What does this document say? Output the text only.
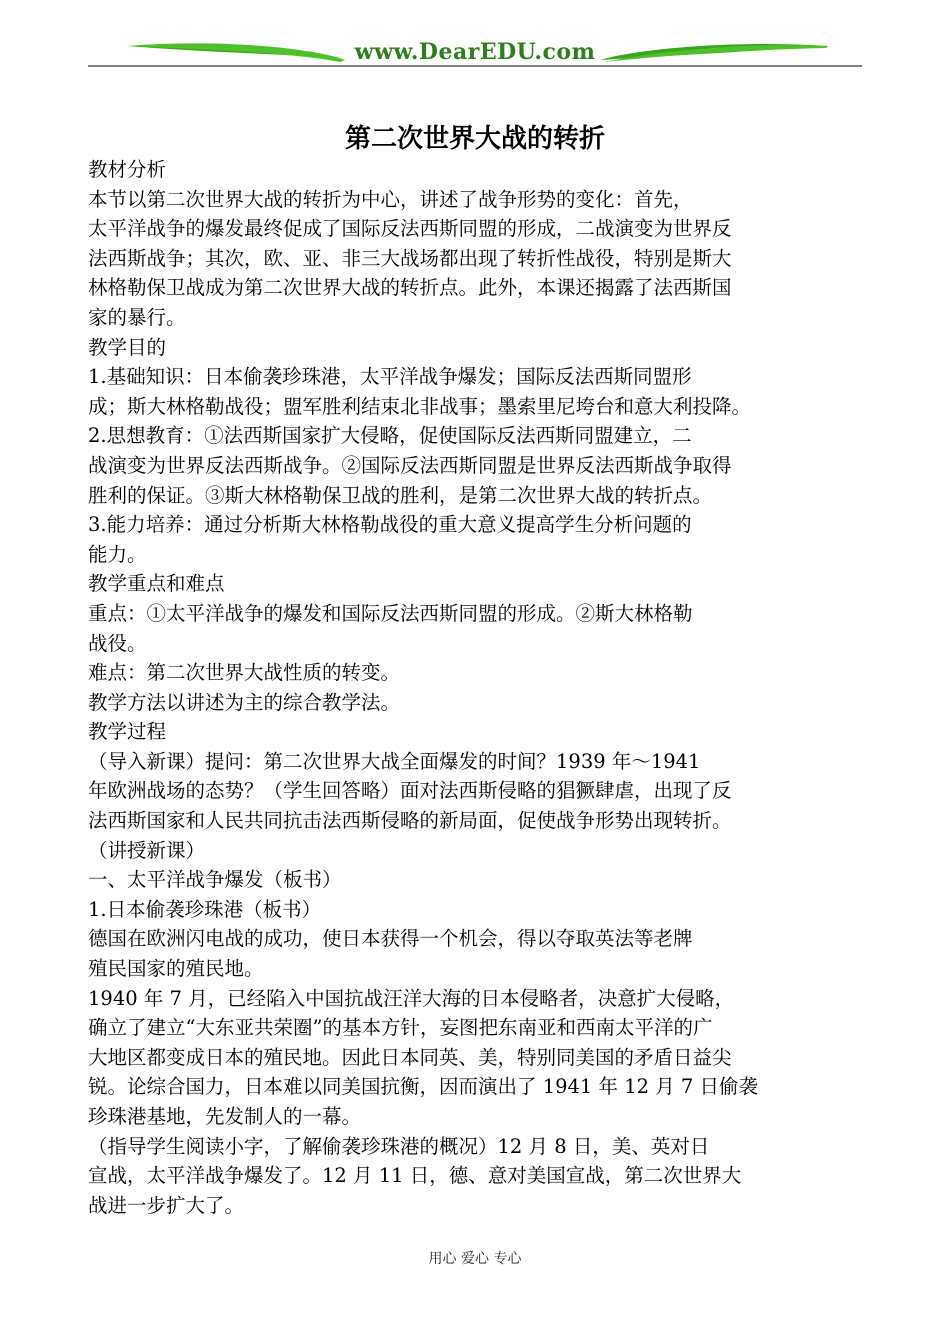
www.DearEDU.com
第二次世界大战的转折

教材分析

本节以第二次世界大战的转折为中心，讲述了战争形势的变化：首先，

太平洋战争的爆发最终促成了国际反法西斯同盟的形成，二战演变为世界反

法西斯战争；其次，欧、亚、非三大战场都出现了转折性战役，特别是斯大

林格勒保卫战成为第二次世界大战的转折点。此外，本课还揭露了法西斯国

家的暴行。

教学目的

1.基础知识：日本偷袭珍珠港，太平洋战争爆发；国际反法西斯同盟形

成；斯大林格勒战役；盟军胜利结束北非战事；墨索里尼垮台和意大利投降。

2.思想教育：①法西斯国家扩大侵略，促使国际反法西斯同盟建立，二

战演变为世界反法西斯战争。②国际反法西斯同盟是世界反法西斯战争取得

胜利的保证。③斯大林格勒保卫战的胜利，是第二次世界大战的转折点。

3.能力培养：通过分析斯大林格勒战役的重大意义提高学生分析问题的

能力。

教学重点和难点

重点：①太平洋战争的爆发和国际反法西斯同盟的形成。②斯大林格勒

战役。

难点：第二次世界大战性质的转变。

教学方法以讲述为主的综合教学法。

教学过程

（导入新课）提问：第二次世界大战全面爆发的时间？1939 年～1941

年欧洲战场的态势？（学生回答略）面对法西斯侵略的猖獗肆虐，出现了反

法西斯国家和人民共同抗击法西斯侵略的新局面，促使战争形势出现转折。

（讲授新课）

一、太平洋战争爆发（板书）

1.日本偷袭珍珠港（板书）

德国在欧洲闪电战的成功，使日本获得一个机会，得以夺取英法等老牌

殖民国家的殖民地。

1940 年 7 月，已经陷入中国抗战汪洋大海的日本侵略者，决意扩大侵略，

确立了建立“大东亚共荣圈”的基本方针，妄图把东南亚和西南太平洋的广

大地区都变成日本的殖民地。因此日本同英、美，特别同美国的矛盾日益尖

锐。论综合国力，日本难以同美国抗衡，因而演出了 1941 年 12 月 7 日偷袭

珍珠港基地，先发制人的一幕。

（指导学生阅读小字，了解偷袭珍珠港的概况）12 月 8 日，美、英对日

宣战，太平洋战争爆发了。12 月 11 日，德、意对美国宣战，第二次世界大

战进一步扩大了。

用心 爱心 专心
